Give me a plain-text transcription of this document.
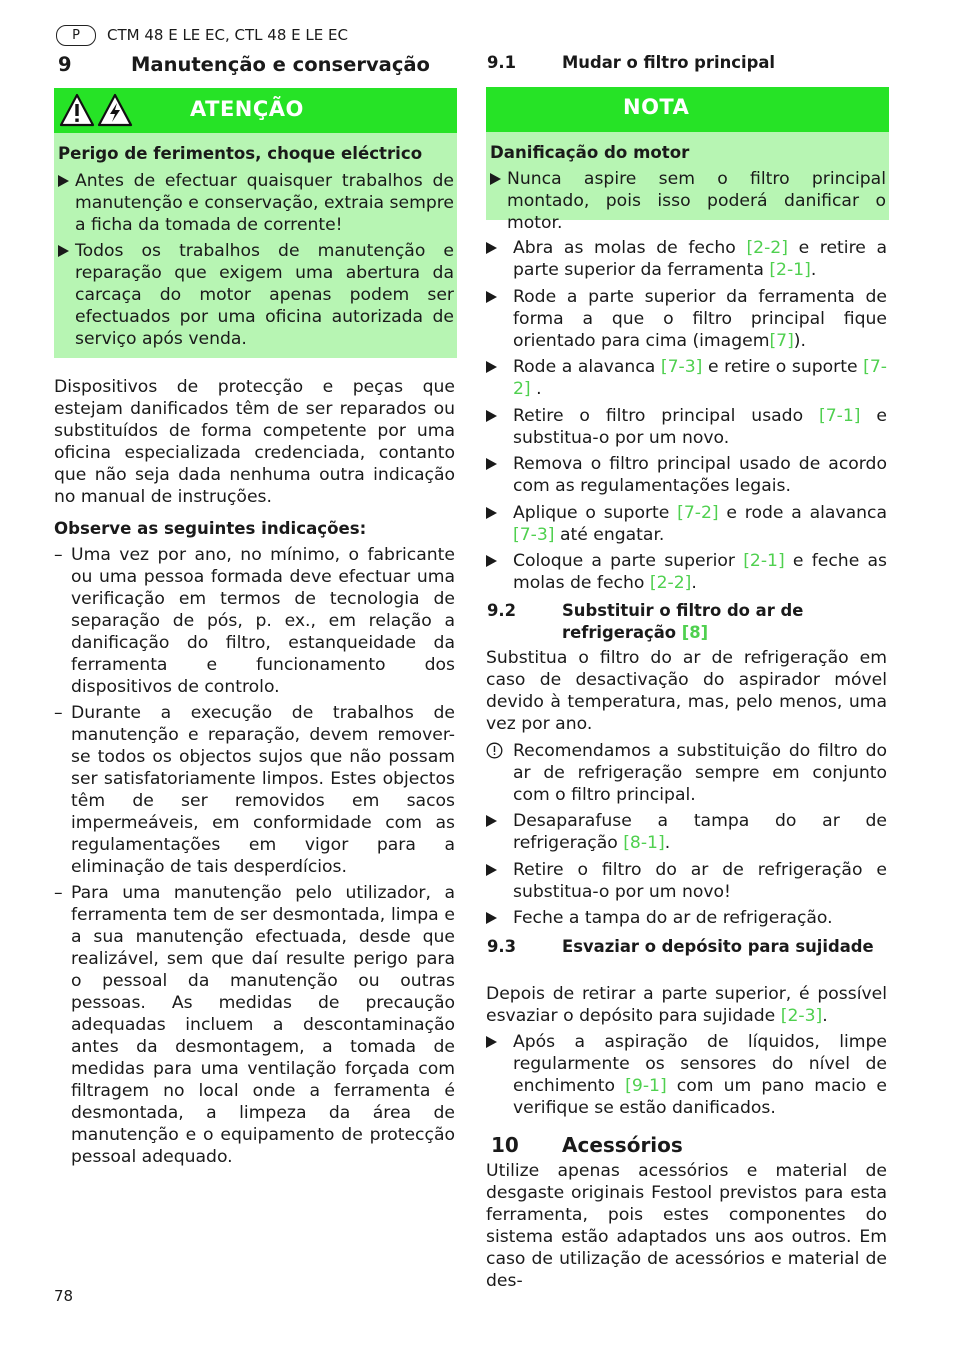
P	CTM 48 E LE EC, CTL 48 E LE EC
9	Manutenção e conservação
ATENÇÃO
Perigo de ferimentos, choque eléctrico
Antes de efectuar quaisquer trabalhos de manutenção e conservação, extraia sempre a ficha da tomada de corrente!
Todos os trabalhos de manutenção e reparação que exigem uma abertura da carcaça do motor apenas podem ser efectuados por uma oficina autorizada de serviço após venda.
Dispositivos de protecção e peças que estejam danificados têm de ser reparados ou substituídos de forma competente por uma oficina especializada credenciada, contanto que não seja dada nenhuma outra indicação no manual de instruções.
Observe as seguintes indicações:
– Uma vez por ano, no mínimo, o fabricante ou uma pessoa formada deve efectuar uma verificação em termos de tecnologia de separação de pós, p. ex., em relação a danificação do filtro, estanqueidade da ferramenta e funcionamento dos dispositivos de controlo.
– Durante a execução de trabalhos de manutenção e reparação, devem remover-se todos os objectos sujos que não possam ser satisfatoriamente limpos. Estes objectos têm de ser removidos em sacos impermeáveis, em conformidade com as regulamentações em vigor para a eliminação de tais desperdícios.
– Para uma manutenção pelo utilizador, a ferramenta tem de ser desmontada, limpa e a sua manutenção efectuada, desde que realizável, sem que daí resulte perigo para o pessoal da manutenção ou outras pessoas. As medidas de precaução adequadas incluem a descontaminação antes da desmontagem, a tomada de medidas para uma ventilação forçada com filtragem no local onde a ferramenta é desmontada, a limpeza da área de manutenção e o equipamento de protecção pessoal adequado.
78
9.1	Mudar o filtro principal
NOTA
Danificação do motor
Nunca aspire sem o filtro principal montado, pois isso poderá danificar o motor.
Abra as molas de fecho [2-2] e retire a parte superior da ferramenta [2-1].
Rode a parte superior da ferramenta de forma a que o filtro principal fique orientado para cima (imagem[7]).
Rode a alavanca [7-3] e retire o suporte [7-2] .
Retire o filtro principal usado [7-1] e substitua-o por um novo.
Remova o filtro principal usado de acordo com as regulamentações legais.
Aplique o suporte [7-2] e rode a alavanca [7-3] até engatar.
Coloque a parte superior [2-1] e feche as molas de fecho [2-2].
9.2	Substituir o filtro do ar de refrigeração [8]
Substitua o filtro do ar de refrigeração em caso de desactivação do aspirador móvel devido à temperatura, mas, pelo menos, uma vez por ano.
Recomendamos a substituição do filtro do ar de refrigeração sempre em conjunto com o filtro principal.
Desaparafuse a tampa do ar de refrigeração [8-1].
Retire o filtro do ar de refrigeração e substitua-o por um novo!
Feche a tampa do ar de refrigeração.
9.3	Esvaziar o depósito para sujidade
Depois de retirar a parte superior, é possível esvaziar o depósito para sujidade [2-3].
Após a aspiração de líquidos, limpe regularmente os sensores do nível de enchimento [9-1] com um pano macio e verifique se estão danificados.
10 Acessórios
Utilize apenas acessórios e material de desgaste originais Festool previstos para esta ferramenta, pois estes componentes do sistema estão adaptados uns aos outros. Em caso de utilização de acessórios e material de des-
